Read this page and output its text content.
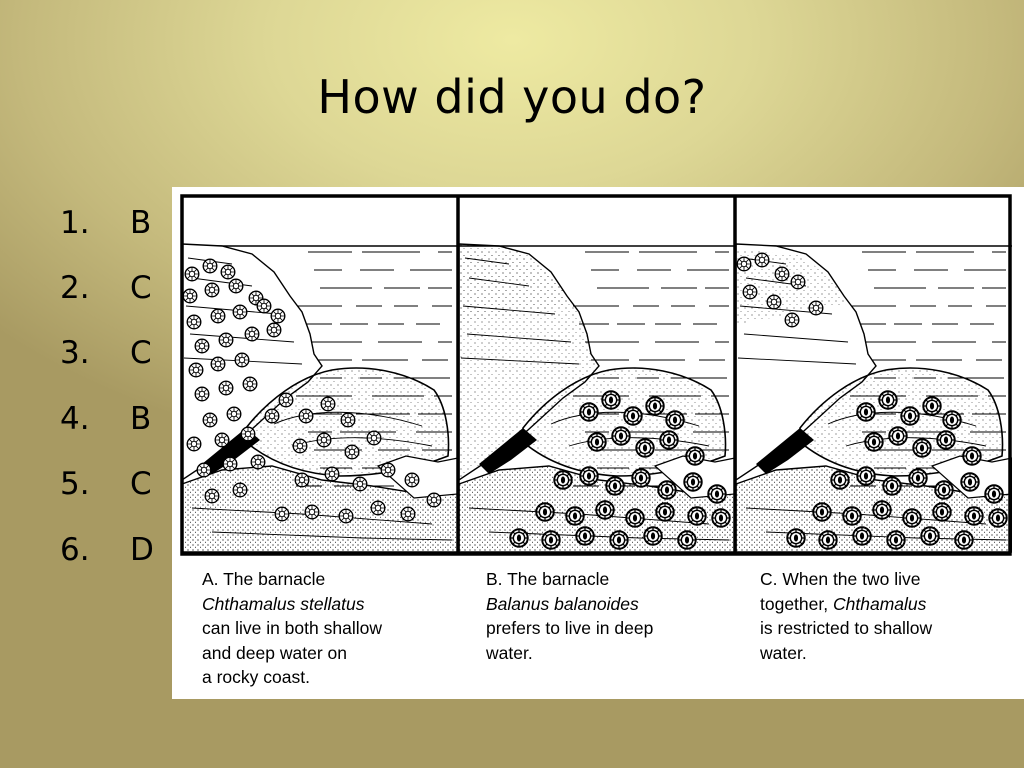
How did you do?
1.	B
2.	C
3.	C
4.	B
5.	C
6.	D
A. The barnacle
Chthamalus stellatus
can live in both shallow
and deep water on
a rocky coast.
B. The barnacle
Balanus balanoides
prefers to live in deep
water.
C. When the two live
together, Chthamalus
is restricted to shallow
water.
